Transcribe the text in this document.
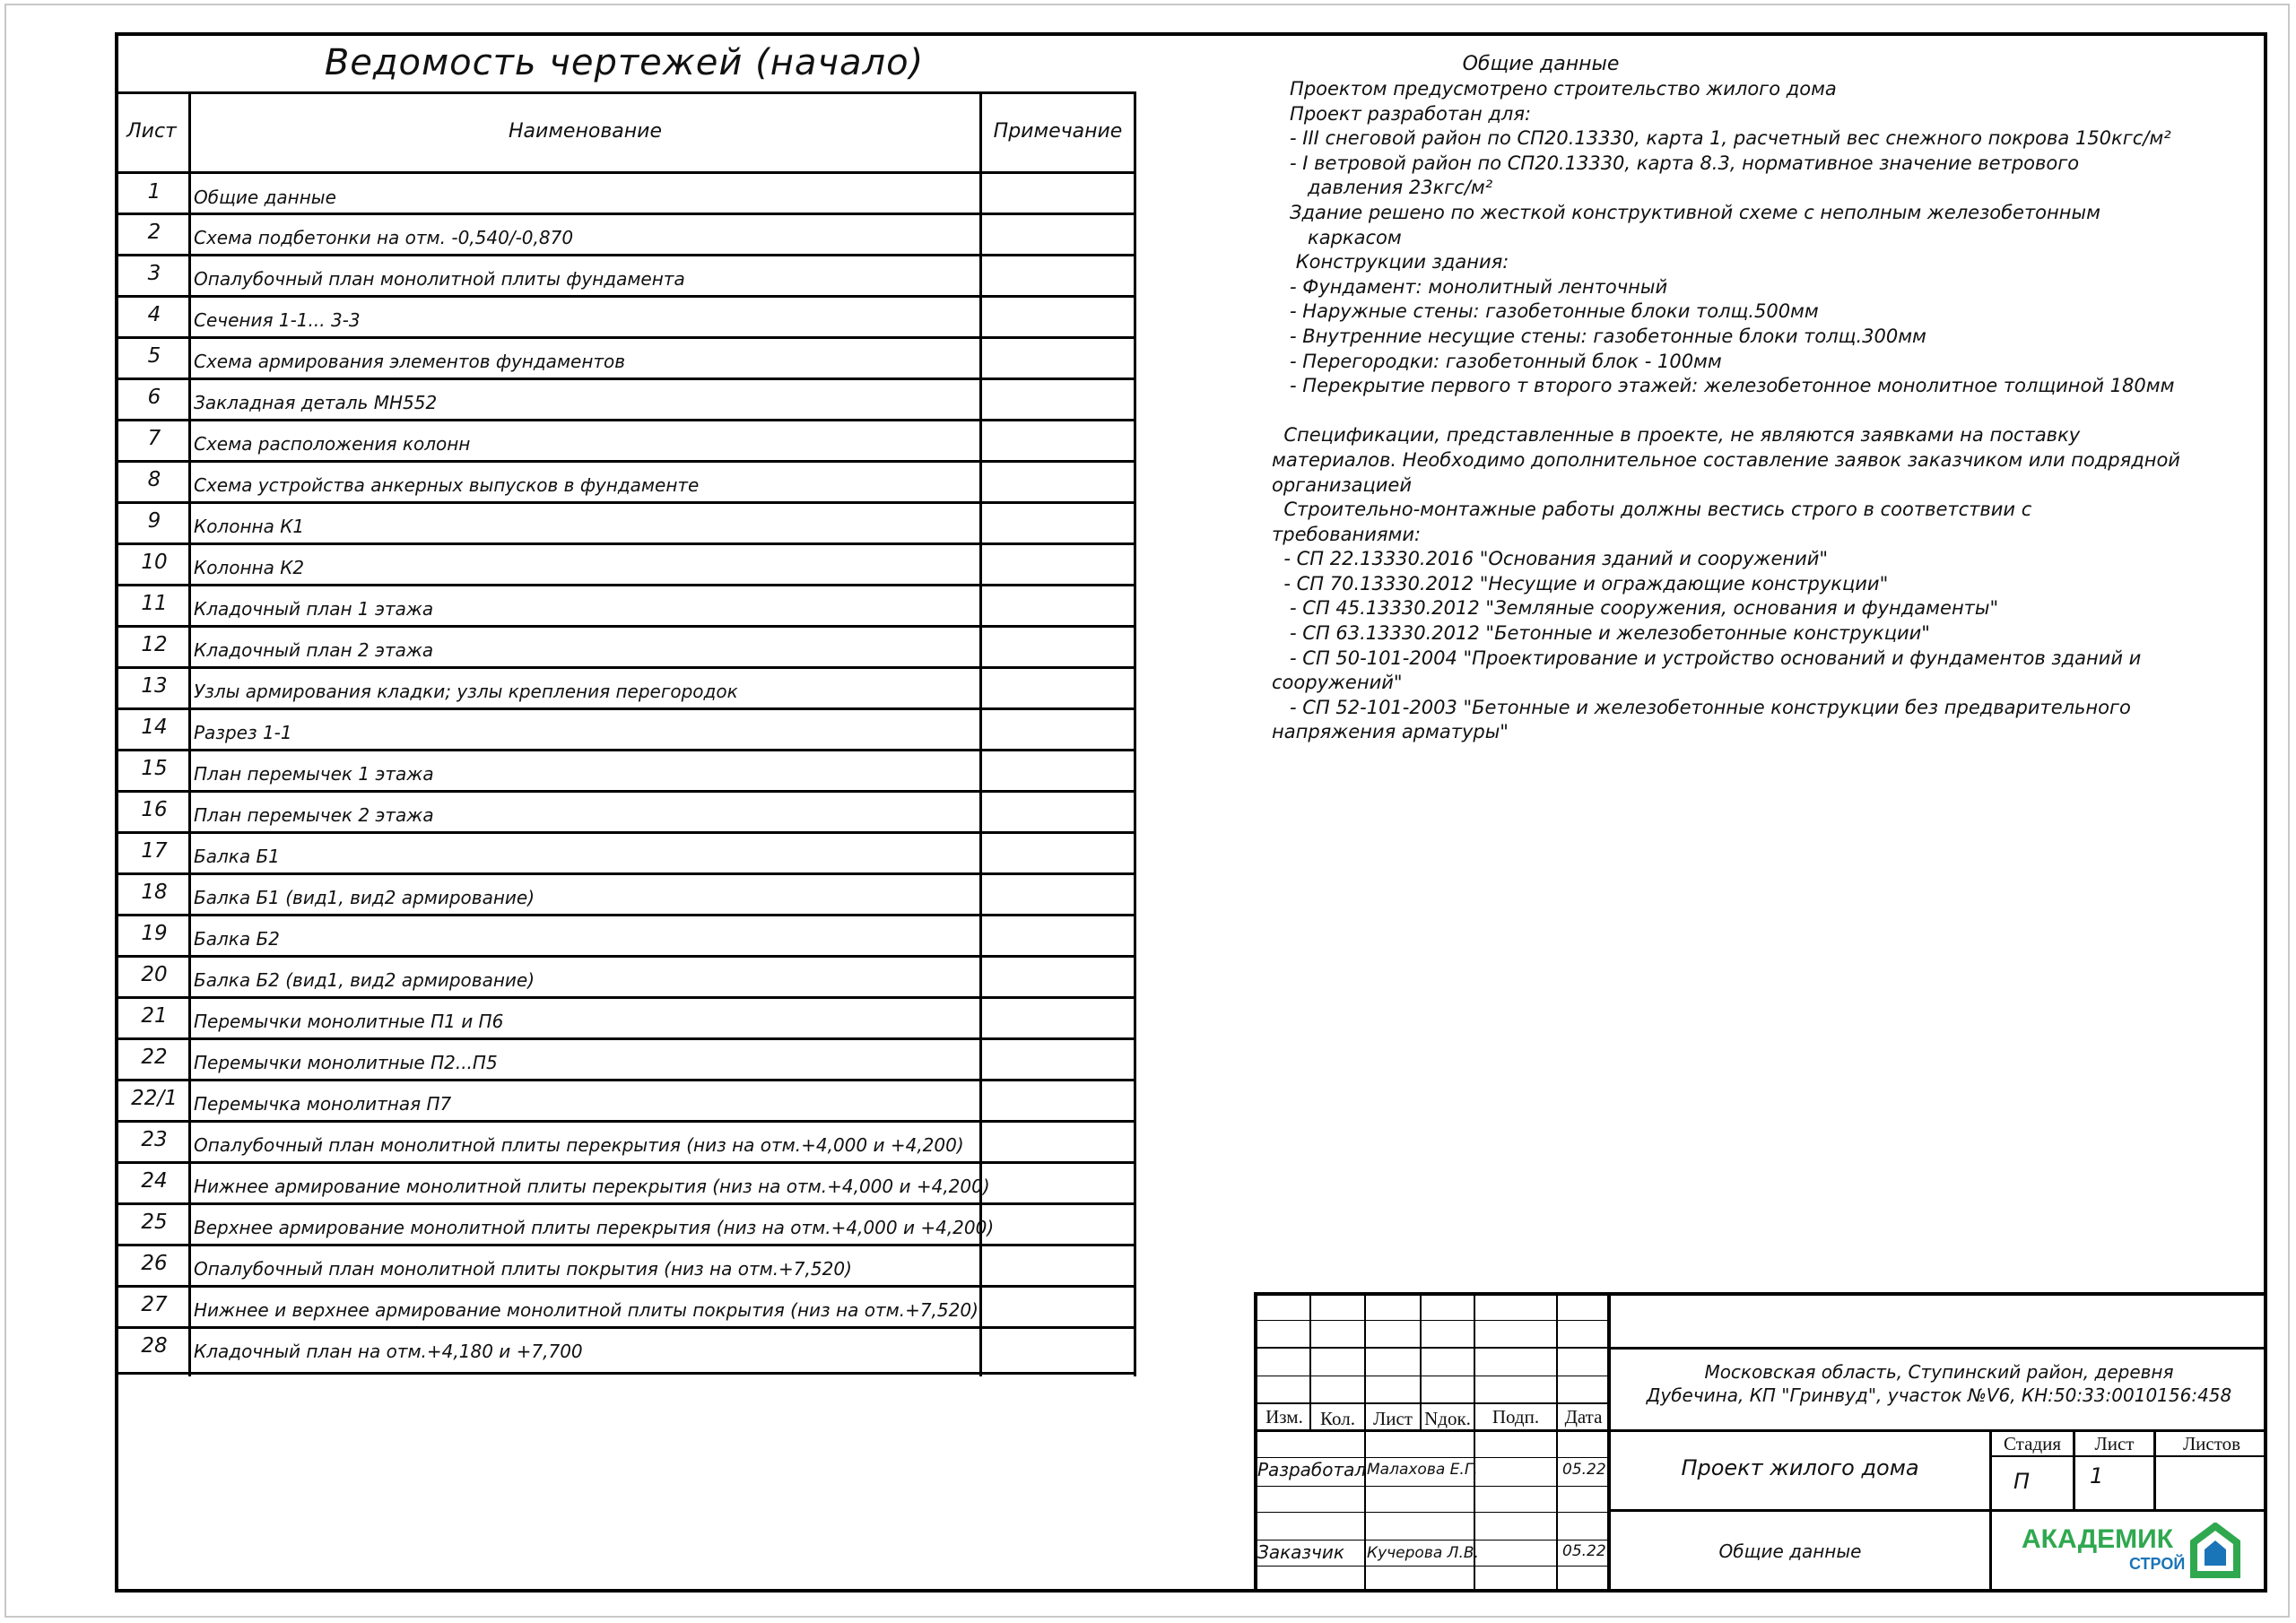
Ведомость чертежей (начало)
Лист	Наименование	Примечание
1	Общие данные
2	Схема подбетонки на отм. -0,540/-0,870
3	Опалубочный план монолитной плиты фундамента
4	Сечения 1-1... 3-3
5	Схема армирования элементов фундаментов
6	Закладная деталь МН552
7	Схема расположения колонн
8	Схема устройства анкерных выпусков в фундаменте
9	Колонна К1
10	Колонна К2
11	Кладочный план 1 этажа
12	Кладочный план 2 этажа
13	Узлы армирования кладки; узлы крепления перегородок
14	Разрез 1-1
15	План перемычек 1 этажа
16	План перемычек 2 этажа
17	Балка Б1
18	Балка Б1 (вид1, вид2 армирование)
19	Балка Б2
20	Балка Б2 (вид1, вид2 армирование)
21	Перемычки монолитные П1 и П6
22	Перемычки монолитные П2...П5
22/1 Перемычка монолитная П7
23	Опалубочный план монолитной плиты перекрытия (низ на отм.+4,000 и +4,200)
24	Нижнее армирование монолитной плиты перекрытия (низ на отм.+4,000 и +4,200)
25	Верхнее армирование монолитной плиты перекрытия (низ на отм.+4,000 и +4,200)
26	Опалубочный план монолитной плиты покрытия (низ на отм.+7,520)
27	Нижнее и верхнее армирование монолитной плиты покрытия (низ на отм.+7,520)
28	Кладочный план на отм.+4,180 и +7,700
Общие данные
Проектом предусмотрено строительство жилого дома
Проект разработан для:
- III снеговой район по СП20.13330, карта 1, расчетный вес снежного покрова 150кгс/м²
- I ветровой район по СП20.13330, карта 8.3, нормативное значение ветрового
давления 23кгс/м²
Здание решено по жесткой конструктивной схеме с неполным железобетонным
каркасом
Конструкции здания:
- Фундамент: монолитный ленточный
- Наружные стены: газобетонные блоки толщ.500мм
- Внутренние несущие стены: газобетонные блоки толщ.300мм
- Перегородки: газобетонный блок - 100мм
- Перекрытие первого т второго этажей: железобетонное монолитное толщиной 180мм
Спецификации, представленные в проекте, не являются заявками на поставку
материалов. Необходимо дополнительное составление заявок заказчиком или подрядной
организацией
Строительно-монтажные работы должны вестись строго в соответствии с
требованиями:
- СП 22.13330.2016 "Основания зданий и сооружений"
- СП 70.13330.2012 "Несущие и ограждающие конструкции"
- СП 45.13330.2012 "Земляные сооружения, основания и фундаменты"
- СП 63.13330.2012 "Бетонные и железобетонные конструкции"
- СП 50-101-2004 "Проектирование и устройство оснований и фундаментов зданий и
сооружений"
- СП 52-101-2003 "Бетонные и железобетонные конструкции без предварительного
напряжения арматуры"
Изм. Кол. Лист Nдок.	Подп.	Дата
Разработал Малахова Е.Г.	05.22
Заказчик Кучерова Л.В.	05.22
Московская область, Ступинский район, деревня
Дубечина, КП "Гринвуд", участок №V6, КН:50:33:0010156:458
Проект жилого дома
Общие данные
Стадия	Лист	Листов
П	1
АКАДЕМИК
СТРОЙ
